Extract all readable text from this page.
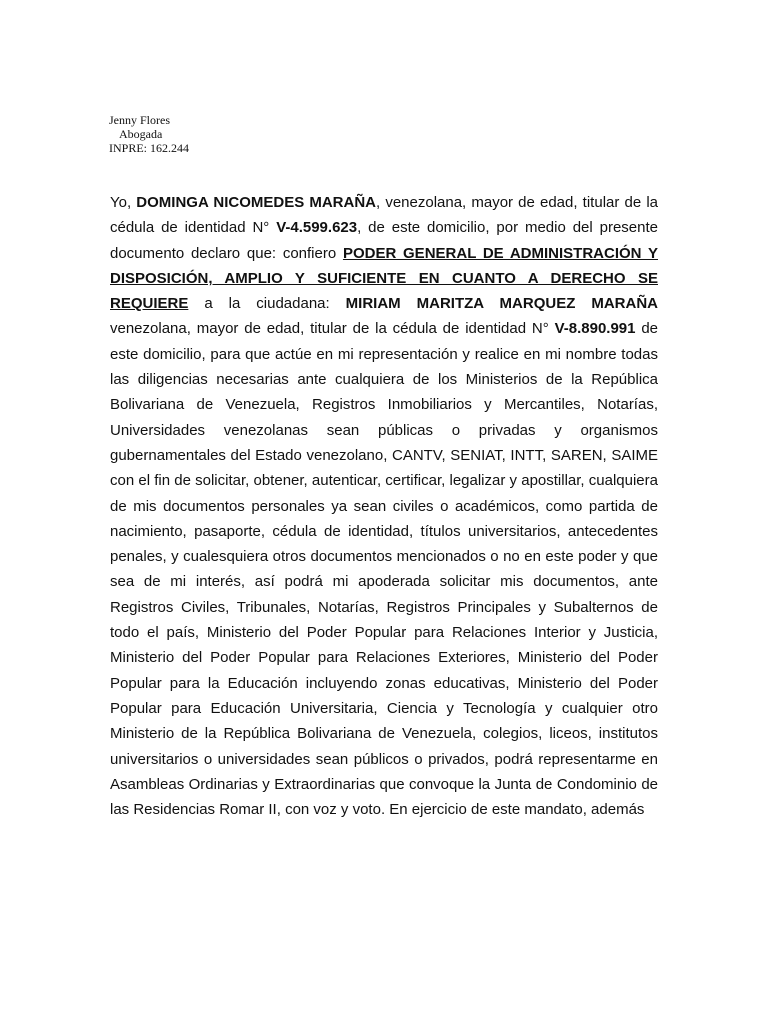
Jenny Flores
Abogada
INPRE: 162.244

Yo, DOMINGA NICOMEDES MARAÑA, venezolana, mayor de edad, titular de la cédula de identidad N° V-4.599.623, de este domicilio, por medio del presente documento declaro que: confiero PODER GENERAL DE ADMINISTRACIÓN Y DISPOSICIÓN, AMPLIO Y SUFICIENTE EN CUANTO A DERECHO SE REQUIERE a la ciudadana: MIRIAM MARITZA MARQUEZ MARAÑA venezolana, mayor de edad, titular de la cédula de identidad N° V-8.890.991 de este domicilio, para que actúe en mi representación y realice en mi nombre todas las diligencias necesarias ante cualquiera de los Ministerios de la República Bolivariana de Venezuela, Registros Inmobiliarios y Mercantiles, Notarías, Universidades venezolanas sean públicas o privadas y organismos gubernamentales del Estado venezolano, CANTV, SENIAT, INTT, SAREN, SAIME con el fin de solicitar, obtener, autenticar, certificar, legalizar y apostillar, cualquiera de mis documentos personales ya sean civiles o académicos, como partida de nacimiento, pasaporte, cédula de identidad, títulos universitarios, antecedentes penales, y cualesquiera otros documentos mencionados o no en este poder y que sea de mi interés, así podrá mi apoderada solicitar mis documentos, ante Registros Civiles, Tribunales, Notarías, Registros Principales y Subalternos de todo el país, Ministerio del Poder Popular para Relaciones Interior y Justicia, Ministerio del Poder Popular para Relaciones Exteriores, Ministerio del Poder Popular para la Educación incluyendo zonas educativas, Ministerio del Poder Popular para Educación Universitaria, Ciencia y Tecnología y cualquier otro Ministerio de la República Bolivariana de Venezuela, colegios, liceos, institutos universitarios o universidades sean públicos o privados, podrá representarme en Asambleas Ordinarias y Extraordinarias que convoque la Junta de Condominio de las Residencias Romar II, con voz y voto. En ejercicio de este mandato, además
